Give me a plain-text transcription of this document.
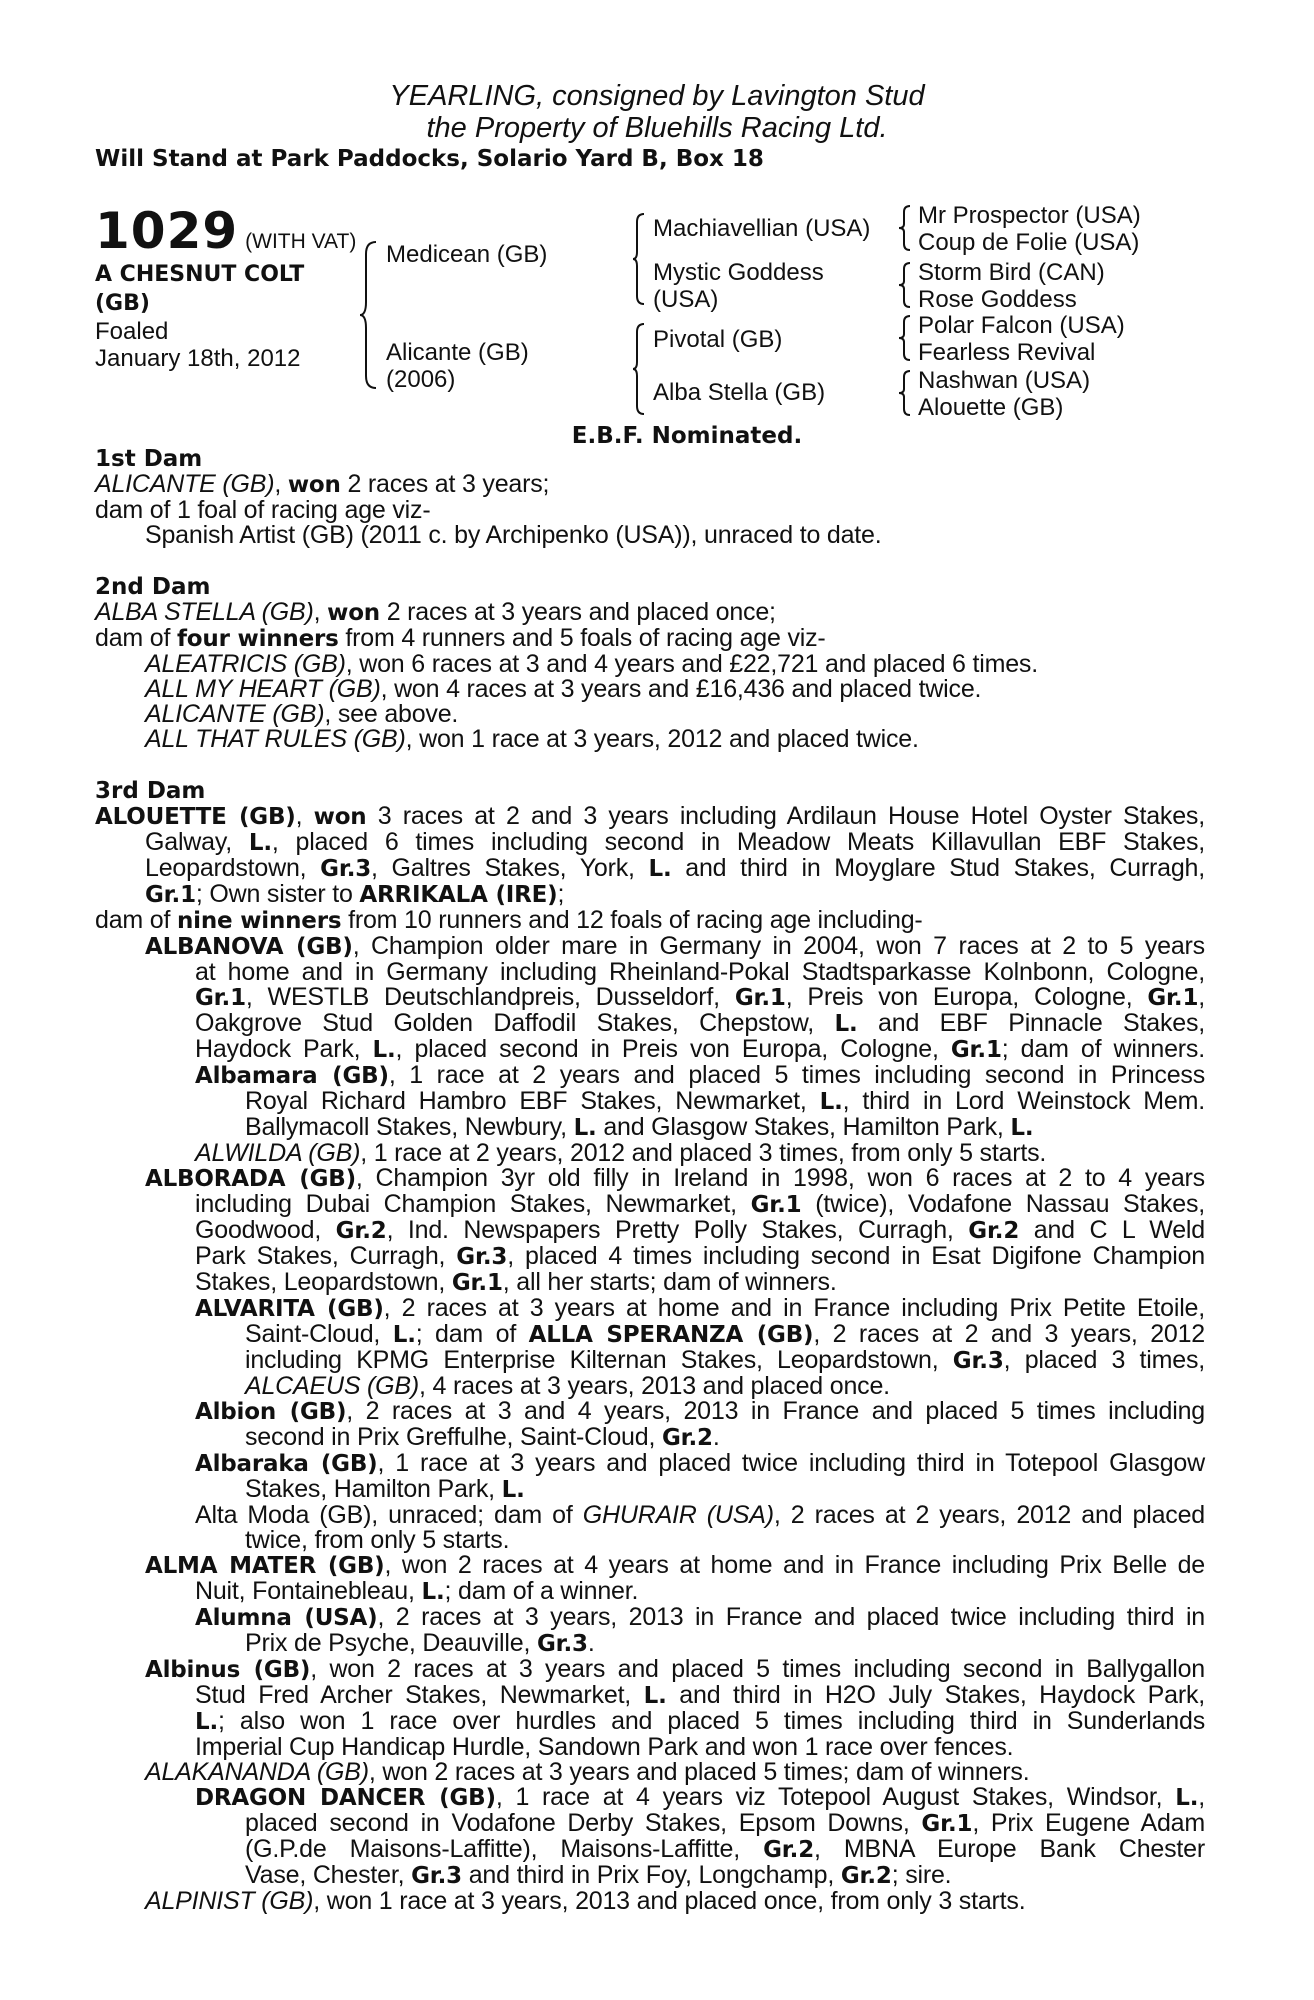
YEARLING, consigned by Lavington Stud
the Property of Bluehills Racing Ltd.
Will Stand at Park Paddocks, Solario Yard B, Box 18
1029 (WITH VAT)
A CHESNUT COLT
(GB)
Foaled
January 18th, 2012
Medicean (GB)
Alicante (GB)
(2006)
Machiavellian (USA)
Mystic Goddess
(USA)
Pivotal (GB)
Alba Stella (GB)
Mr Prospector (USA)
Coup de Folie (USA)
Storm Bird (CAN)
Rose Goddess
Polar Falcon (USA)
Fearless Revival
Nashwan (USA)
Alouette (GB)
E.B.F. Nominated.
1st Dam
ALICANTE (GB), won 2 races at 3 years;
dam of 1 foal of racing age viz-
Spanish Artist (GB) (2011 c. by Archipenko (USA)), unraced to date.
2nd Dam
ALBA STELLA (GB), won 2 races at 3 years and placed once;
dam of four winners from 4 runners and 5 foals of racing age viz-
ALEATRICIS (GB), won 6 races at 3 and 4 years and £22,721 and placed 6 times.
ALL MY HEART (GB), won 4 races at 3 years and £16,436 and placed twice.
ALICANTE (GB), see above.
ALL THAT RULES (GB), won 1 race at 3 years, 2012 and placed twice.
3rd Dam
ALOUETTE (GB), won 3 races at 2 and 3 years including Ardilaun House Hotel Oyster Stakes,
Galway, L., placed 6 times including second in Meadow Meats Killavullan EBF Stakes,
Leopardstown, Gr.3, Galtres Stakes, York, L. and third in Moyglare Stud Stakes, Curragh,
Gr.1; Own sister to ARRIKALA (IRE);
dam of nine winners from 10 runners and 12 foals of racing age including-
ALBANOVA (GB), Champion older mare in Germany in 2004, won 7 races at 2 to 5 years
at home and in Germany including Rheinland-Pokal Stadtsparkasse Kolnbonn, Cologne,
Gr.1, WESTLB Deutschlandpreis, Dusseldorf, Gr.1, Preis von Europa, Cologne, Gr.1,
Oakgrove Stud Golden Daffodil Stakes, Chepstow, L. and EBF Pinnacle Stakes,
Haydock Park, L., placed second in Preis von Europa, Cologne, Gr.1; dam of winners.
Albamara (GB), 1 race at 2 years and placed 5 times including second in Princess
Royal Richard Hambro EBF Stakes, Newmarket, L., third in Lord Weinstock Mem.
Ballymacoll Stakes, Newbury, L. and Glasgow Stakes, Hamilton Park, L.
ALWILDA (GB), 1 race at 2 years, 2012 and placed 3 times, from only 5 starts.
ALBORADA (GB), Champion 3yr old filly in Ireland in 1998, won 6 races at 2 to 4 years
including Dubai Champion Stakes, Newmarket, Gr.1 (twice), Vodafone Nassau Stakes,
Goodwood, Gr.2, Ind. Newspapers Pretty Polly Stakes, Curragh, Gr.2 and C L Weld
Park Stakes, Curragh, Gr.3, placed 4 times including second in Esat Digifone Champion
Stakes, Leopardstown, Gr.1, all her starts; dam of winners.
ALVARITA (GB), 2 races at 3 years at home and in France including Prix Petite Etoile,
Saint-Cloud, L.; dam of ALLA SPERANZA (GB), 2 races at 2 and 3 years, 2012
including KPMG Enterprise Kilternan Stakes, Leopardstown, Gr.3, placed 3 times,
ALCAEUS (GB), 4 races at 3 years, 2013 and placed once.
Albion (GB), 2 races at 3 and 4 years, 2013 in France and placed 5 times including
second in Prix Greffulhe, Saint-Cloud, Gr.2.
Albaraka (GB), 1 race at 3 years and placed twice including third in Totepool Glasgow
Stakes, Hamilton Park, L.
Alta Moda (GB), unraced; dam of GHURAIR (USA), 2 races at 2 years, 2012 and placed
twice, from only 5 starts.
ALMA MATER (GB), won 2 races at 4 years at home and in France including Prix Belle de
Nuit, Fontainebleau, L.; dam of a winner.
Alumna (USA), 2 races at 3 years, 2013 in France and placed twice including third in
Prix de Psyche, Deauville, Gr.3.
Albinus (GB), won 2 races at 3 years and placed 5 times including second in Ballygallon
Stud Fred Archer Stakes, Newmarket, L. and third in H2O July Stakes, Haydock Park,
L.; also won 1 race over hurdles and placed 5 times including third in Sunderlands
Imperial Cup Handicap Hurdle, Sandown Park and won 1 race over fences.
ALAKANANDA (GB), won 2 races at 3 years and placed 5 times; dam of winners.
DRAGON DANCER (GB), 1 race at 4 years viz Totepool August Stakes, Windsor, L.,
placed second in Vodafone Derby Stakes, Epsom Downs, Gr.1, Prix Eugene Adam
(G.P.de Maisons-Laffitte), Maisons-Laffitte, Gr.2, MBNA Europe Bank Chester
Vase, Chester, Gr.3 and third in Prix Foy, Longchamp, Gr.2; sire.
ALPINIST (GB), won 1 race at 3 years, 2013 and placed once, from only 3 starts.
